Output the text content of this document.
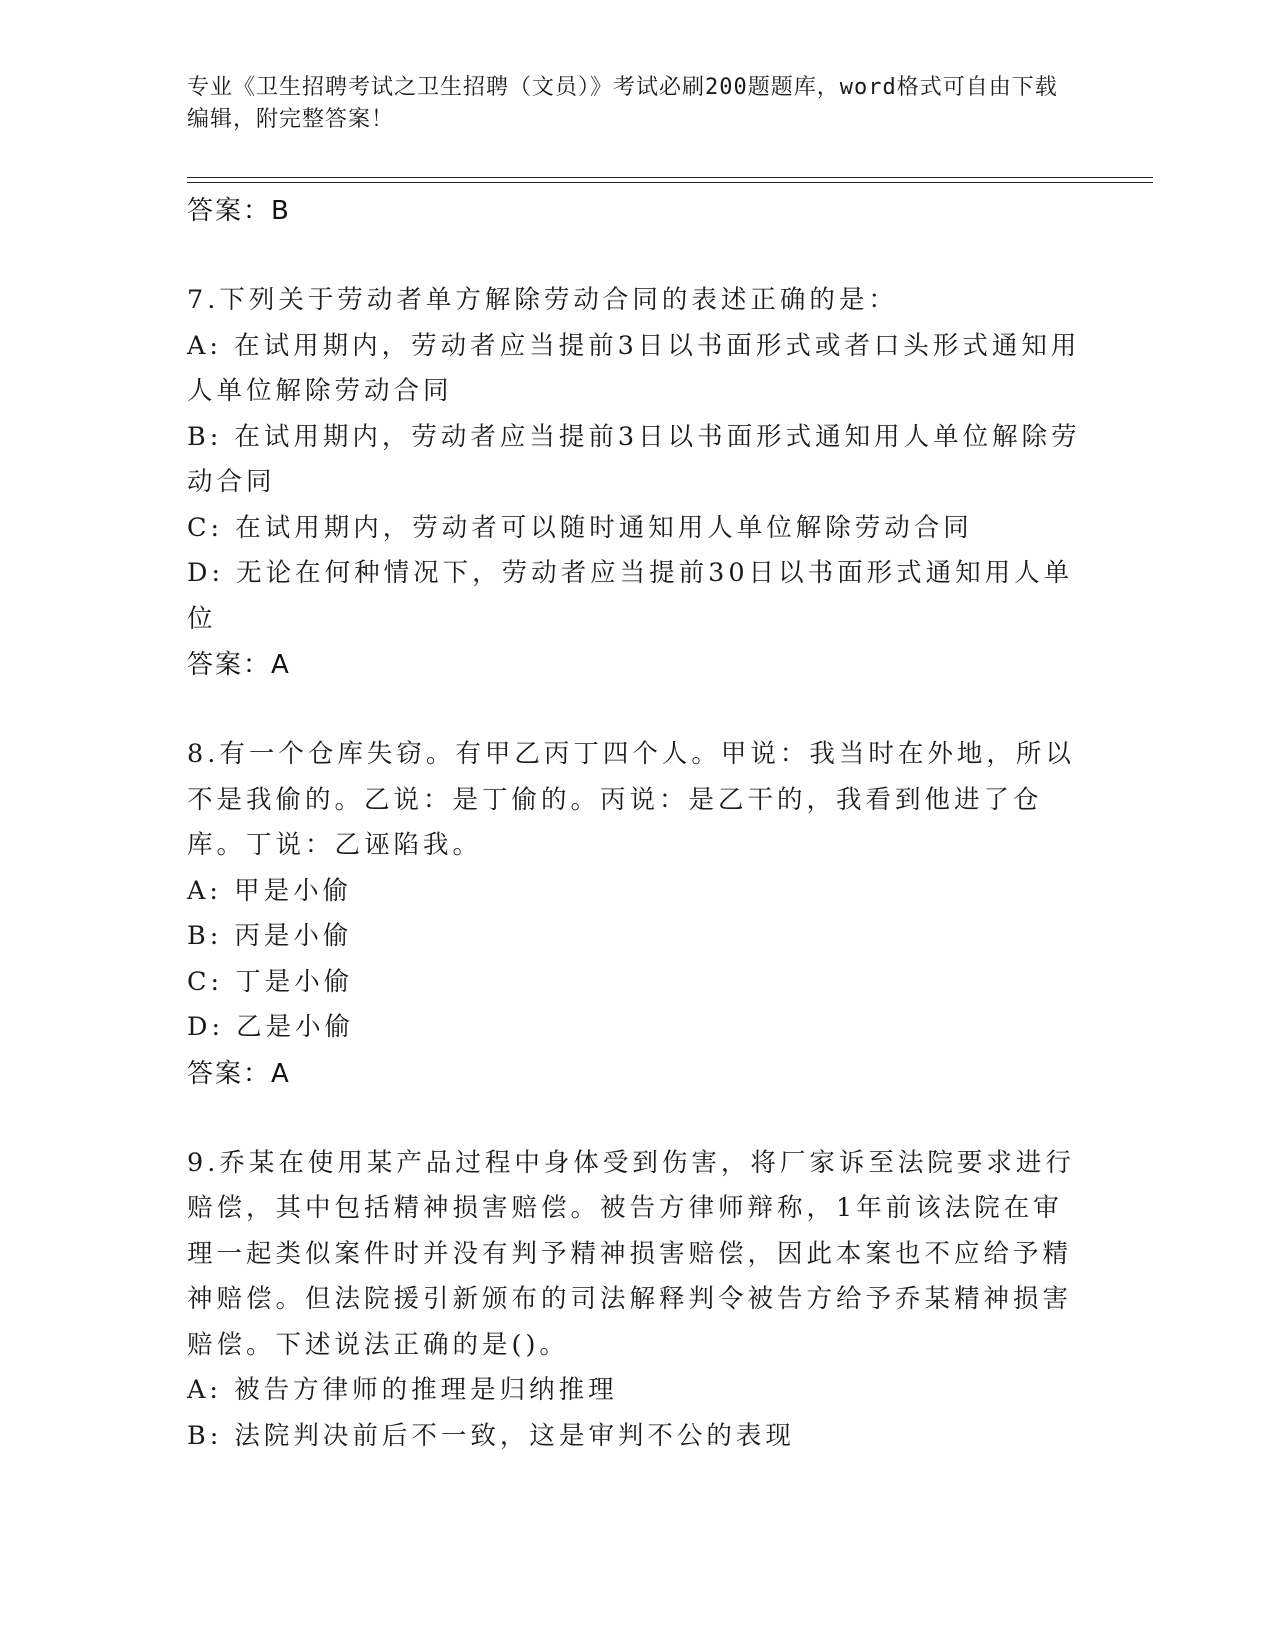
专业《卫生招聘考试之卫生招聘（文员）》考试必刷200题题库，word格式可自由下载编辑，附完整答案！
答案：B
7.下列关于劳动者单方解除劳动合同的表述正确的是：
A: 在试用期内，劳动者应当提前3日以书面形式或者口头形式通知用人单位解除劳动合同
B: 在试用期内，劳动者应当提前3日以书面形式通知用人单位解除劳动合同
C: 在试用期内，劳动者可以随时通知用人单位解除劳动合同
D: 无论在何种情况下，劳动者应当提前30日以书面形式通知用人单位
答案：A
8.有一个仓库失窃。有甲乙丙丁四个人。甲说：我当时在外地，所以不是我偷的。乙说：是丁偷的。丙说：是乙干的，我看到他进了仓库。丁说：乙诬陷我。
A: 甲是小偷
B: 丙是小偷
C: 丁是小偷
D: 乙是小偷
答案：A
9.乔某在使用某产品过程中身体受到伤害，将厂家诉至法院要求进行赔偿，其中包括精神损害赔偿。被告方律师辩称，1年前该法院在审理一起类似案件时并没有判予精神损害赔偿，因此本案也不应给予精神赔偿。但法院援引新颁布的司法解释判令被告方给予乔某精神损害赔偿。下述说法正确的是()。
A: 被告方律师的推理是归纳推理
B: 法院判决前后不一致，这是审判不公的表现
